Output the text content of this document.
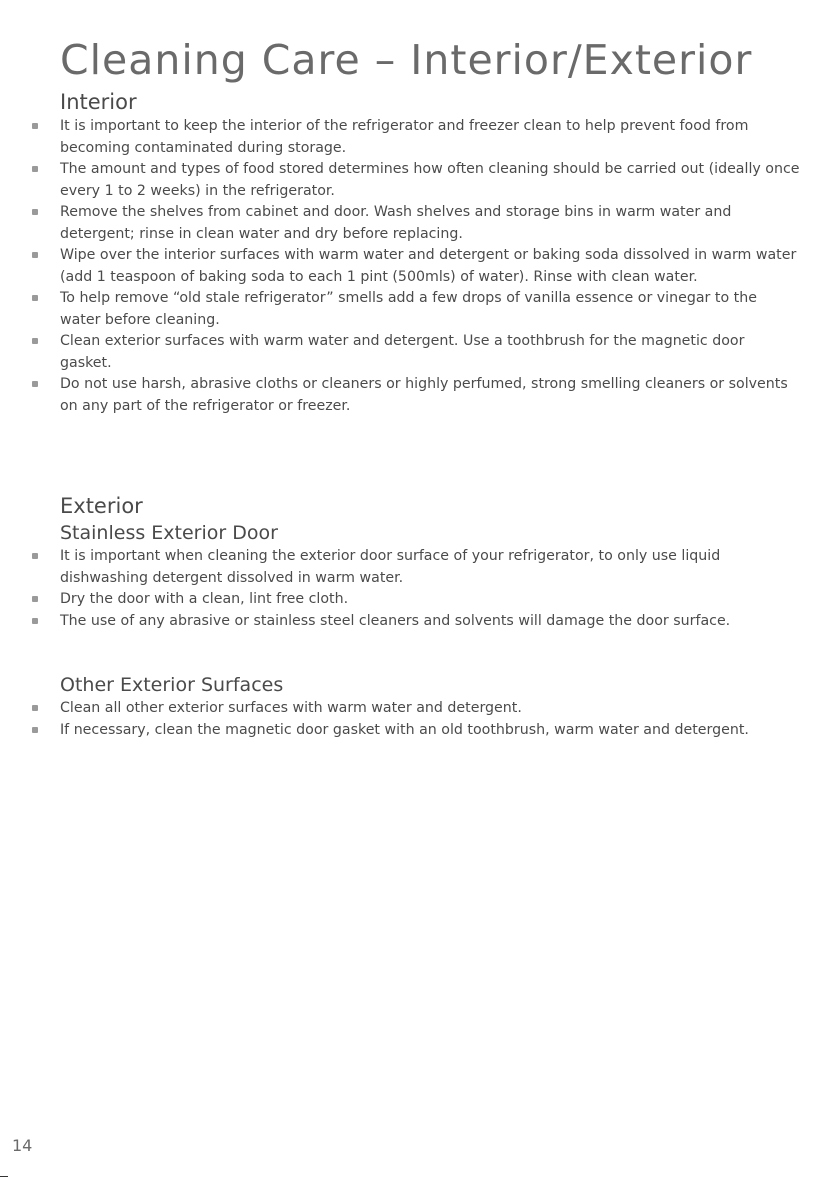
Cleaning Care – Interior/Exterior
Interior
It is important to keep the interior of the refrigerator and freezer clean to help prevent food from becoming contaminated during storage.
The amount and types of food stored determines how often cleaning should be carried out (ideally once every 1 to 2 weeks) in the refrigerator.
Remove the shelves from cabinet and door. Wash shelves and storage bins in warm water and detergent; rinse in clean water and dry before replacing.
Wipe over the interior surfaces with warm water and detergent or baking soda dissolved in warm water (add 1 teaspoon of baking soda to each 1 pint (500mls) of water). Rinse with clean water.
To help remove “old stale refrigerator” smells add a few drops of vanilla essence or vinegar to the water before cleaning.
Clean exterior surfaces with warm water and detergent. Use a toothbrush for the magnetic door gasket.
Do not use harsh, abrasive cloths or cleaners or highly perfumed, strong smelling cleaners or solvents on any part of the refrigerator or freezer.
Exterior
Stainless Exterior Door
It is important when cleaning the exterior door surface of your refrigerator, to only use liquid dishwashing detergent dissolved in warm water.
Dry the door with a clean, lint free cloth.
The use of any abrasive or stainless steel cleaners and solvents will damage the door surface.
Other Exterior Surfaces
Clean all other exterior surfaces with warm water and detergent.
If necessary, clean the magnetic door gasket with an old toothbrush, warm water and detergent.
14
